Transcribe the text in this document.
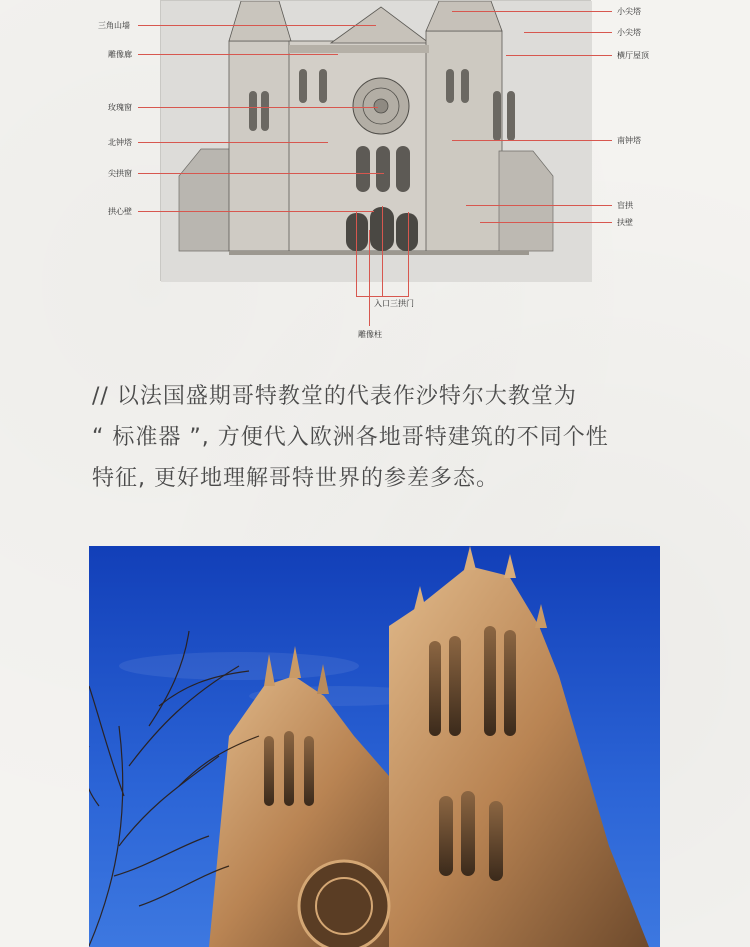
三角山墙
雕像廊
玫瑰窗
北钟塔
尖拱窗
拱心壁
小尖塔
小尖塔
横厅屋顶
南钟塔
盲拱
扶壁
入口三拱门
雕像柱

// 以法国盛期哥特教堂的代表作沙特尔大教堂为

“ 标准器 ”, 方便代入欧洲各地哥特建筑的不同个性

特征, 更好地理解哥特世界的参差多态。
